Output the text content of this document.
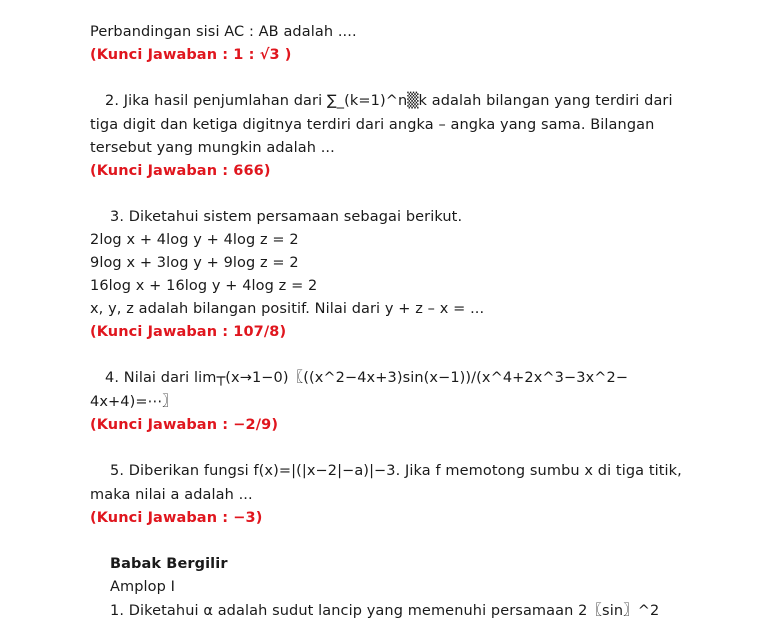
Perbandingan sisi AC : AB adalah ....
(Kunci Jawaban : 1 : √3 )
2. Jika hasil penjumlahan dari ∑_(k=1)^n▒k adalah bilangan yang terdiri dari
tiga digit dan ketiga digitnya terdiri dari angka – angka yang sama. Bilangan
tersebut yang mungkin adalah ...
(Kunci Jawaban : 666)
3. Diketahui sistem persamaan sebagai berikut.
2log x + 4log y + 4log z = 2
9log x + 3log y + 9log z = 2
16log x + 16log y + 4log z = 2
x, y, z adalah bilangan positif. Nilai dari y + z – x = ...
(Kunci Jawaban : 107/8)
4. Nilai dari lim┬(x→1−0)⁡〖((x^2−4x+3)sin⁡(x−1))/(x^4+2x^3−3x^2−
4x+4)=⋯〗
(Kunci Jawaban : −2/9)
5. Diberikan fungsi f(x)=|(|x−2|−a)|−3. Jika f memotong sumbu x di tiga titik,
maka nilai a adalah ...
(Kunci Jawaban : −3)
Babak Bergilir
Amplop I
1. Diketahui α adalah sudut lancip yang memenuhi persamaan 2〖sin〗^2
